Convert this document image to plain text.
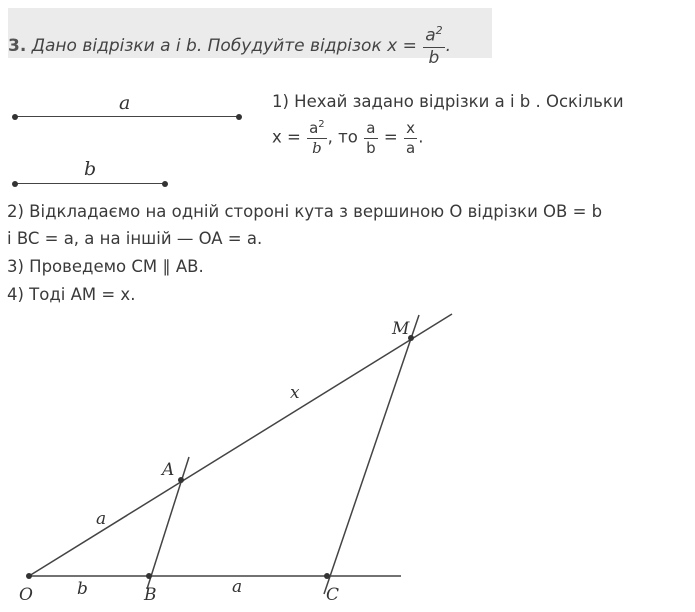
3. Дано відрізки a і b. Побудуйте відрізок $x = \frac{a^2}{b}$ .
a
b
1) Нехай задано відрізки a і b . Оскільки
$x = \frac{a^2}{b}$ , то $\frac{a}{b} = \frac{x}{a}$ .
2) Відкладаємо на одній стороні кута з вершиною O відрізки OB = b
і BC = a, а на іншій — OA = a.
3) Проведемо CM ∥ AB.
4) Тоді AM = x.
O	B	C
A
M
b	a
a
x
